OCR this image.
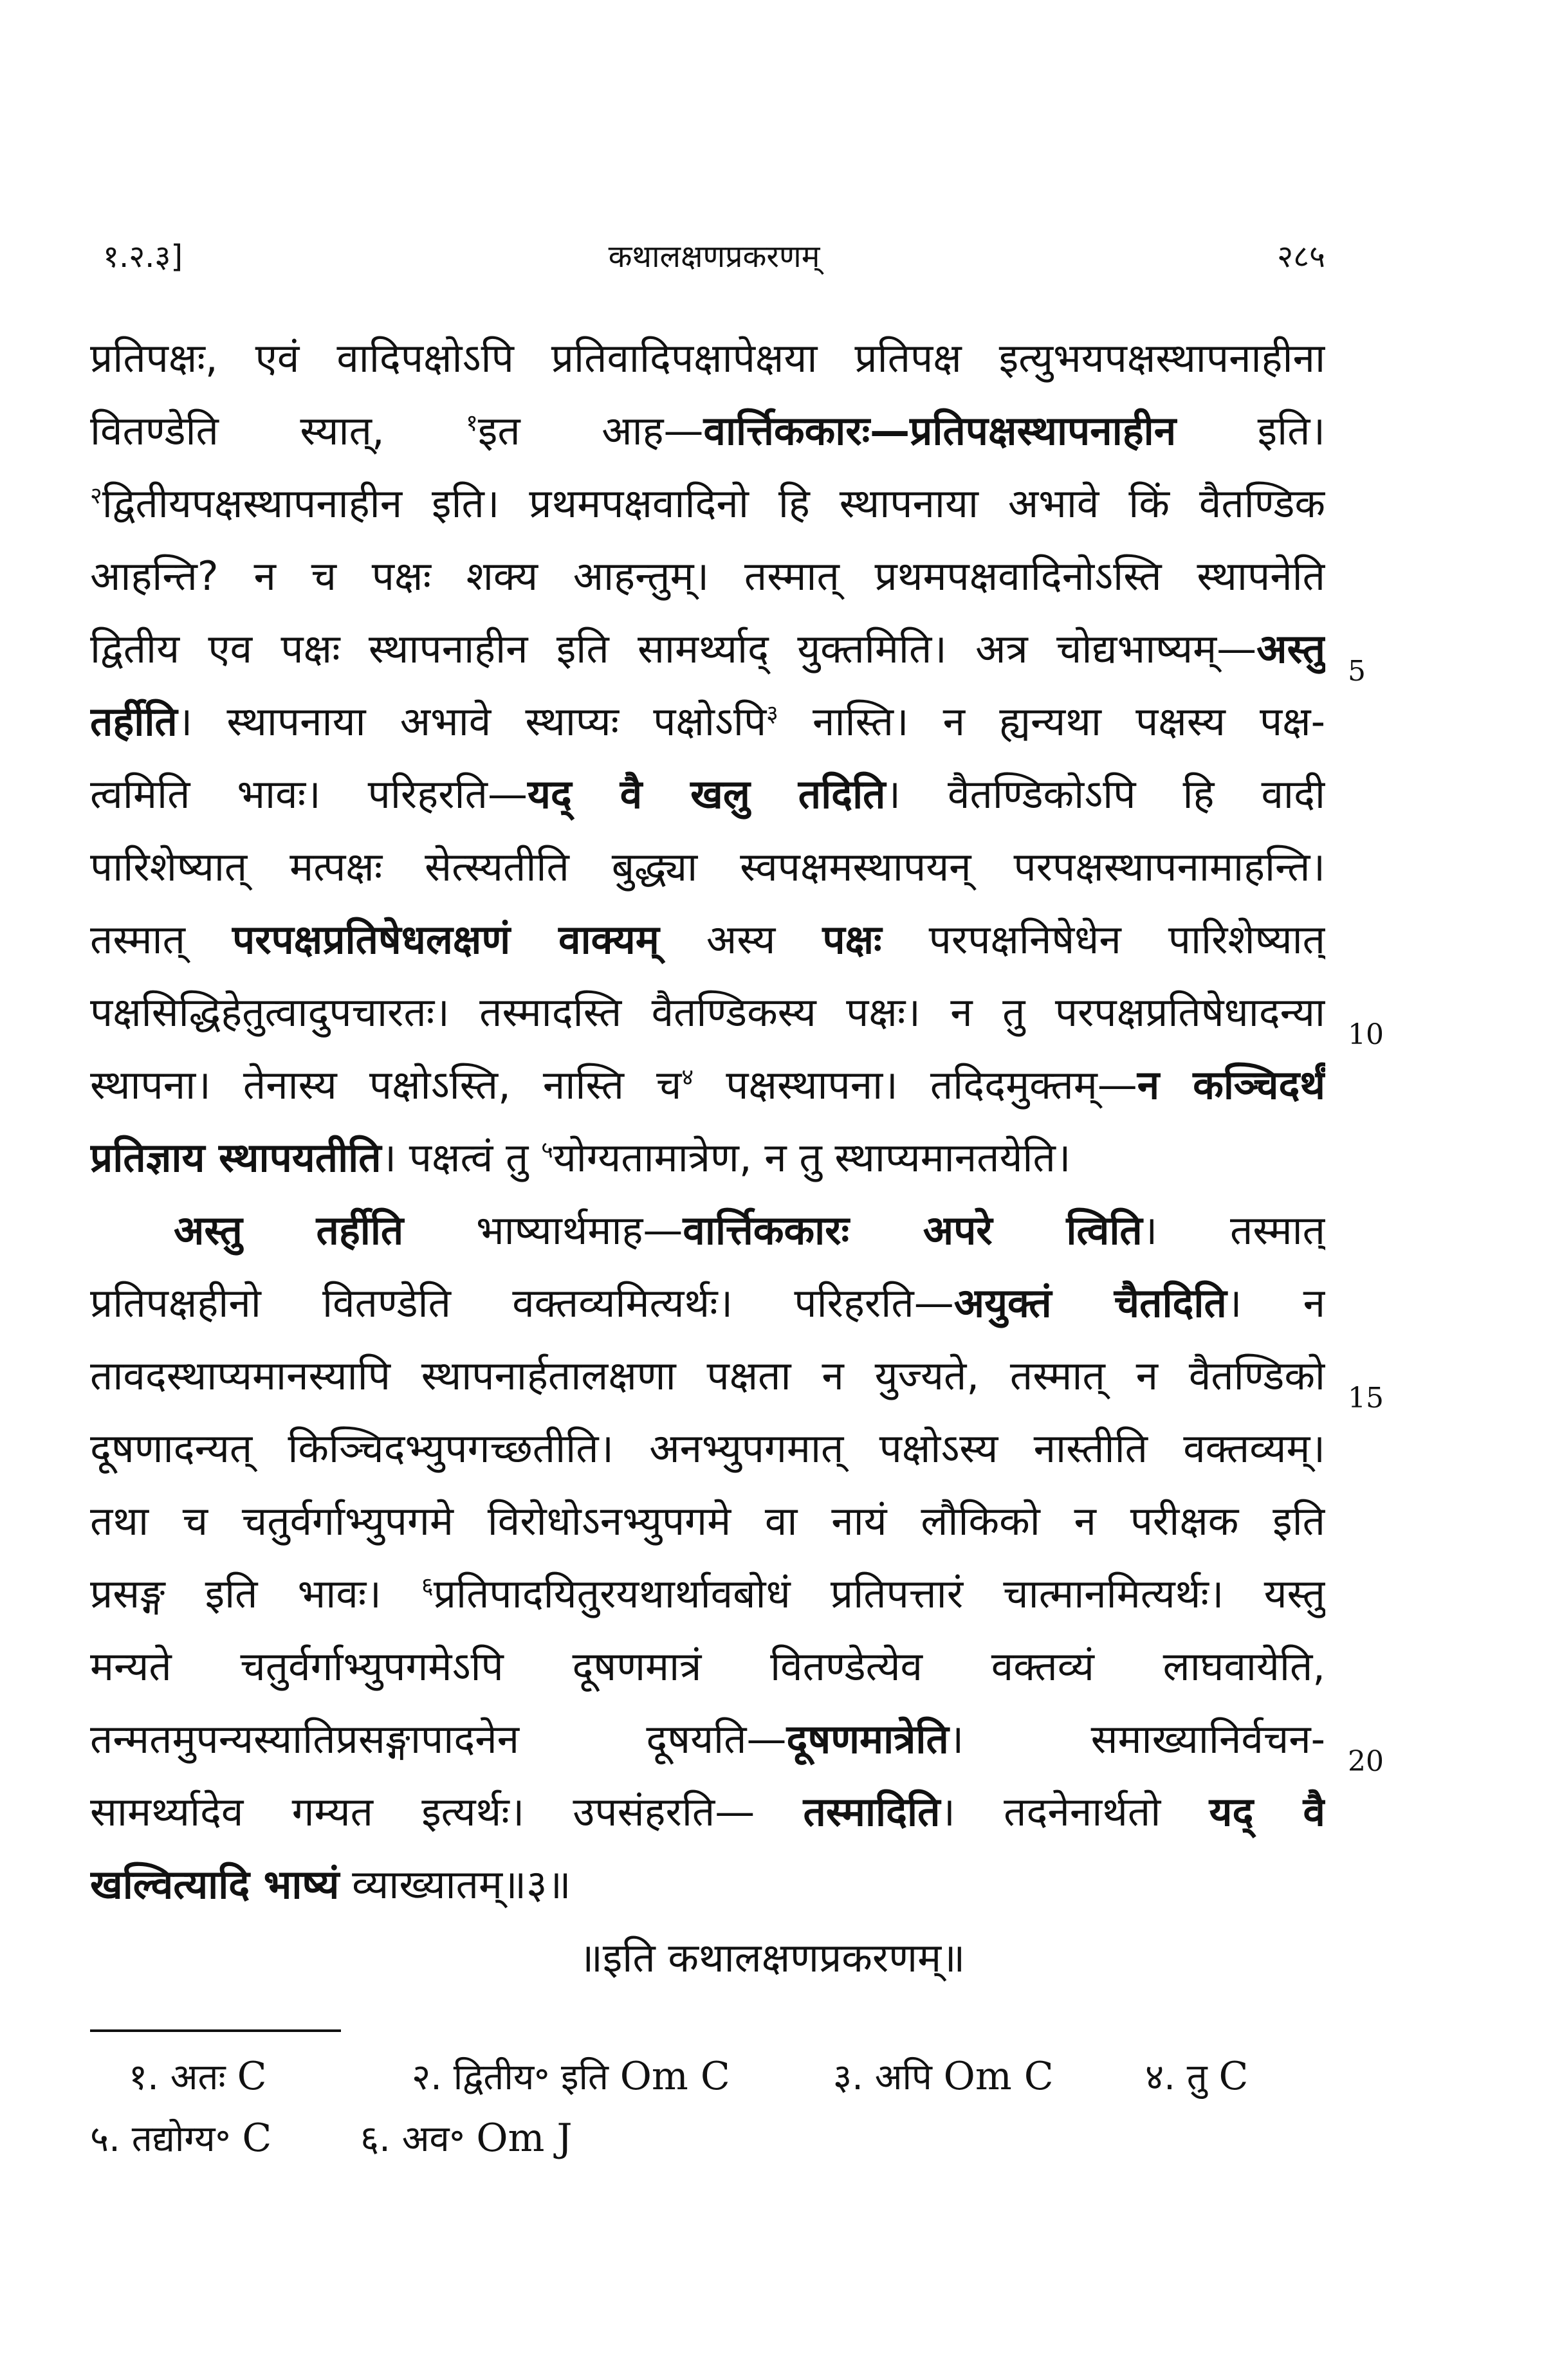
१.२.३]	कथालक्षणप्रकरणम्	२८५
प्रतिपक्षः, एवं वादिपक्षोऽपि प्रतिवादिपक्षापेक्षया प्रतिपक्ष इत्युभयपक्षस्थापनाहीना
वितण्डेति स्यात्, $^१$इत आह—वार्त्तिककारः—प्रतिपक्षस्थापनाहीन इति।
$^२$द्वितीयपक्षस्थापनाहीन इति। प्रथमपक्षवादिनो हि स्थापनाया अभावे किं वैतण्डिक
आहन्ति? न च पक्षः शक्य आहन्तुम्। तस्मात् प्रथमपक्षवादिनोऽस्ति स्थापनेति
द्वितीय एव पक्षः स्थापनाहीन इति सामर्थ्याद् युक्तमिति। अत्र चोद्यभाष्यम्—अस्तु
तर्हीति। स्थापनाया अभावे स्थाप्यः पक्षोऽपि$^३$ नास्ति। न ह्यन्यथा पक्षस्य पक्ष-
त्वमिति भावः। परिहरति—यद् वै खलु तदिति। वैतण्डिकोऽपि हि वादी
पारिशेष्यात् मत्पक्षः सेत्स्यतीति बुद्ध्या स्वपक्षमस्थापयन् परपक्षस्थापनामाहन्ति।
तस्मात् परपक्षप्रतिषेधलक्षणं वाक्यम् अस्य पक्षः परपक्षनिषेधेन पारिशेष्यात्
पक्षसिद्धिहेतुत्वादुपचारतः। तस्मादस्ति वैतण्डिकस्य पक्षः। न तु परपक्षप्रतिषेधादन्या
स्थापना। तेनास्य पक्षोऽस्ति, नास्ति च$^४$ पक्षस्थापना। तदिदमुक्तम्—न कञ्चिदर्थं
प्रतिज्ञाय स्थापयतीति। पक्षत्वं तु $^५$योग्यतामात्रेण, न तु स्थाप्यमानतयेति।
अस्तु तर्हीति भाष्यार्थमाह—वार्त्तिककारः अपरे त्विति। तस्मात्
प्रतिपक्षहीनो वितण्डेति वक्तव्यमित्यर्थः। परिहरति—अयुक्तं चैतदिति। न
तावदस्थाप्यमानस्यापि स्थापनार्हतालक्षणा पक्षता न युज्यते, तस्मात् न वैतण्डिको
दूषणादन्यत् किञ्चिदभ्युपगच्छतीति। अनभ्युपगमात् पक्षोऽस्य नास्तीति वक्तव्यम्।
तथा च चतुर्वर्गाभ्युपगमे विरोधोऽनभ्युपगमे वा नायं लौकिको न परीक्षक इति
प्रसङ्ग इति भावः। $^६$प्रतिपादयितुरयथार्थावबोधं प्रतिपत्तारं चात्मानमित्यर्थः। यस्तु
मन्यते चतुर्वर्गाभ्युपगमेऽपि दूषणमात्रं वितण्डेत्येव वक्तव्यं लाघवायेति,
तन्मतमुपन्यस्यातिप्रसङ्गापादनेन दूषयति—दूषणमात्रेति। समाख्यानिर्वचन-
सामर्थ्यादेव गम्यत इत्यर्थः। उपसंहरति— तस्मादिति। तदनेनार्थतो यद् वै
खल्वित्यादि भाष्यं व्याख्यातम्॥३॥
5
10
15
20
॥इति कथालक्षणप्रकरणम्॥
१. अतः C	२. द्वितीय॰ इति Om C	३. अपि Om C	४. तु C
५. तद्योग्य॰ C ६. अव॰ Om J
